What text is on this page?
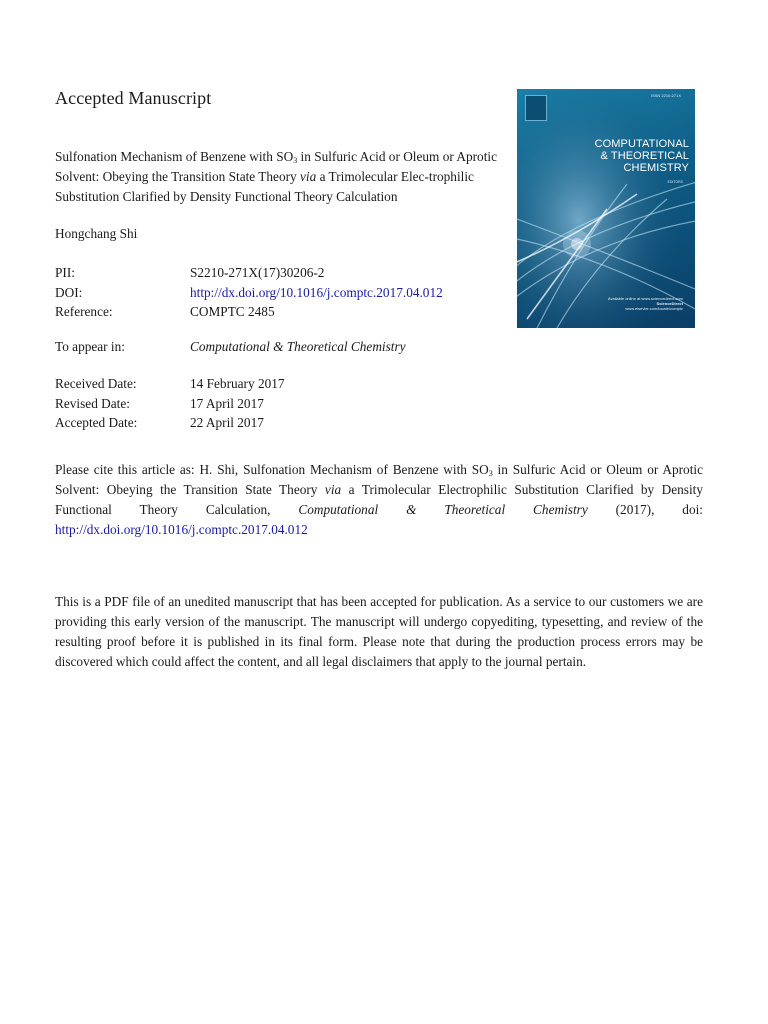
Accepted Manuscript
Sulfonation Mechanism of Benzene with $SO_3$ in Sulfuric Acid or Oleum or Aprotic Solvent: Obeying the Transition State Theory via a Trimolecular Elec-trophilic Substitution Clarified by Density Functional Theory Calculation
Hongchang Shi

PII:	S2210-271X(17)30206-2
DOI:	http://dx.doi.org/10.1016/j.comptc.2017.04.012
Reference:	COMPTC 2485
To appear in:	Computational & Theoretical Chemistry
Received Date:	14 February 2017
Revised Date:	17 April 2017
Accepted Date:	22 April 2017
Please cite this article as: H. Shi, Sulfonation Mechanism of Benzene with $SO_3$ in Sulfuric Acid or Oleum or Aprotic Solvent: Obeying the Transition State Theory via a Trimolecular Electrophilic Substitution Clarified by Density Functional Theory Calculation, Computational & Theoretical Chemistry (2017), doi: http://dx.doi.org/10.1016/j.comptc.2017.04.012
This is a PDF file of an unedited manuscript that has been accepted for publication. As a service to our customers we are providing this early version of the manuscript. The manuscript will undergo copyediting, typesetting, and review of the resulting proof before it is published in its final form. Please note that during the production process errors may be discovered which could affect the content, and all legal disclaimers that apply to the journal pertain.
ISSN 2210-271X
COMPUTATIONAL
& THEORETICAL
CHEMISTRY
EDITORS
Available online at www.sciencedirect.com
ScienceDirect
www.elsevier.com/locate/comptc
